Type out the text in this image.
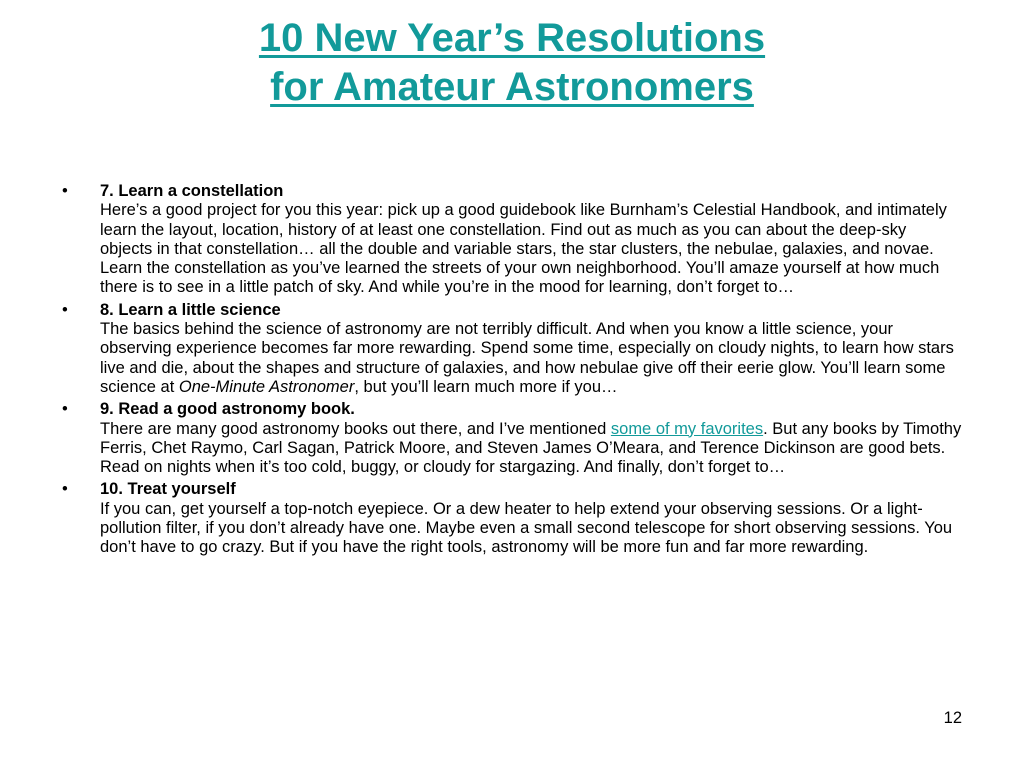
10 New Year’s Resolutions
for Amateur Astronomers
• 7. Learn a constellation
Here’s a good project for you this year: pick up a good guidebook like Burnham’s Celestial Handbook, and intimately learn the layout, location, history of at least one constellation. Find out as much as you can about the deep-sky objects in that constellation… all the double and variable stars, the star clusters, the nebulae, galaxies, and novae. Learn the constellation as you’ve learned the streets of your own neighborhood. You’ll amaze yourself at how much there is to see in a little patch of sky. And while you’re in the mood for learning, don’t forget to…
• 8. Learn a little science
The basics behind the science of astronomy are not terribly difficult. And when you know a little science, your observing experience becomes far more rewarding. Spend some time, especially on cloudy nights, to learn how stars live and die, about the shapes and structure of galaxies, and how nebulae give off their eerie glow. You’ll learn some science at One-Minute Astronomer, but you’ll learn much more if you…
• 9. Read a good astronomy book.
There are many good astronomy books out there, and I’ve mentioned some of my favorites. But any books by Timothy Ferris, Chet Raymo, Carl Sagan, Patrick Moore, and Steven James O’Meara, and Terence Dickinson are good bets. Read on nights when it’s too cold, buggy, or cloudy for stargazing. And finally, don’t forget to…
• 10. Treat yourself
If you can, get yourself a top-notch eyepiece. Or a dew heater to help extend your observing sessions. Or a light-pollution filter, if you don’t already have one. Maybe even a small second telescope for short observing sessions. You don’t have to go crazy. But if you have the right tools, astronomy will be more fun and far more rewarding.
12
